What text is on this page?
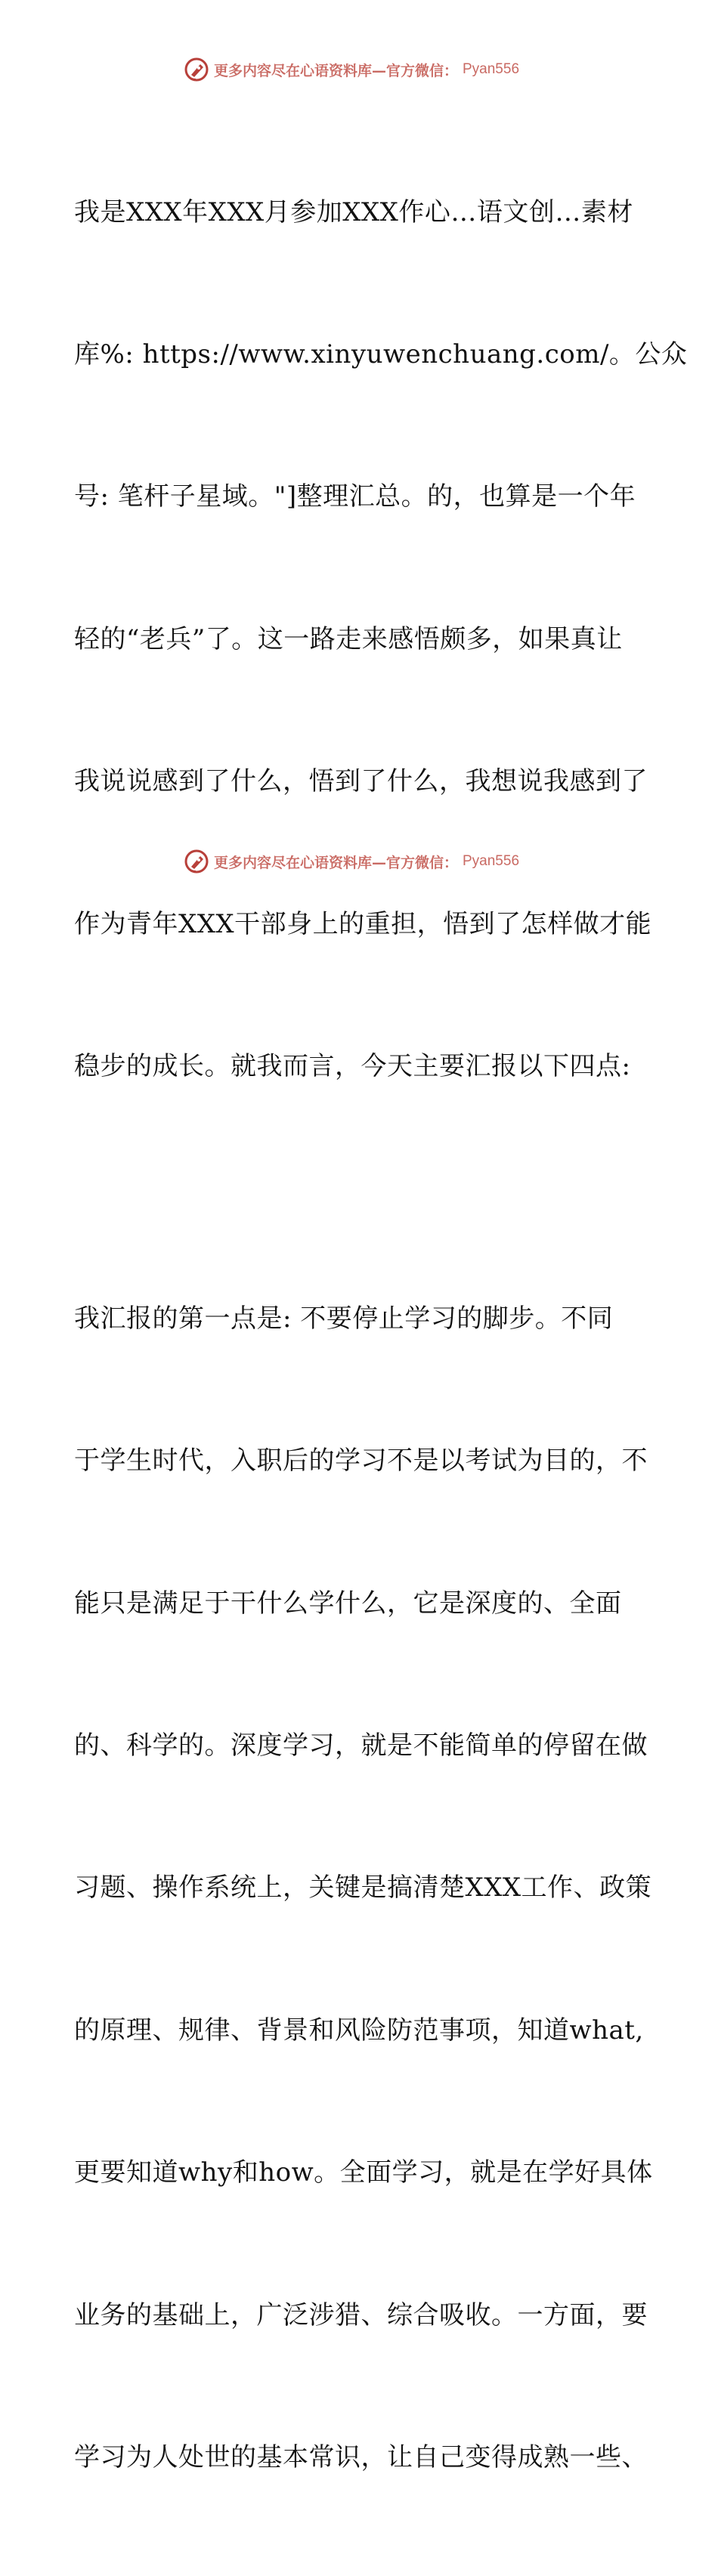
更多内容尽在心语资料库—官方微信： Pyan556

我是XXX年XXX月参加XXX作心…语文创…素材

库%: https://www.xinyuwenchuang.com/。公众

号: 笔杆子星域。"]整理汇总。的，也算是一个年

轻的“老兵”了。这一路走来感悟颇多，如果真让

我说说感到了什么，悟到了什么，我想说我感到了

作为青年XXX干部身上的重担，悟到了怎样做才能

稳步的成长。就我而言，今天主要汇报以下四点:

我汇报的第一点是: 不要停止学习的脚步。不同

于学生时代，入职后的学习不是以考试为目的，不

能只是满足于干什么学什么，它是深度的、全面

的、科学的。深度学习，就是不能简单的停留在做

习题、操作系统上，关键是搞清楚XXX工作、政策

的原理、规律、背景和风险防范事项，知道what,

更要知道why和how。全面学习，就是在学好具体

业务的基础上，广泛涉猎、综合吸收。一方面，要

学习为人处世的基本常识，让自己变得成熟一些、

更多内容尽在心语资料库—官方微信： Pyan556
